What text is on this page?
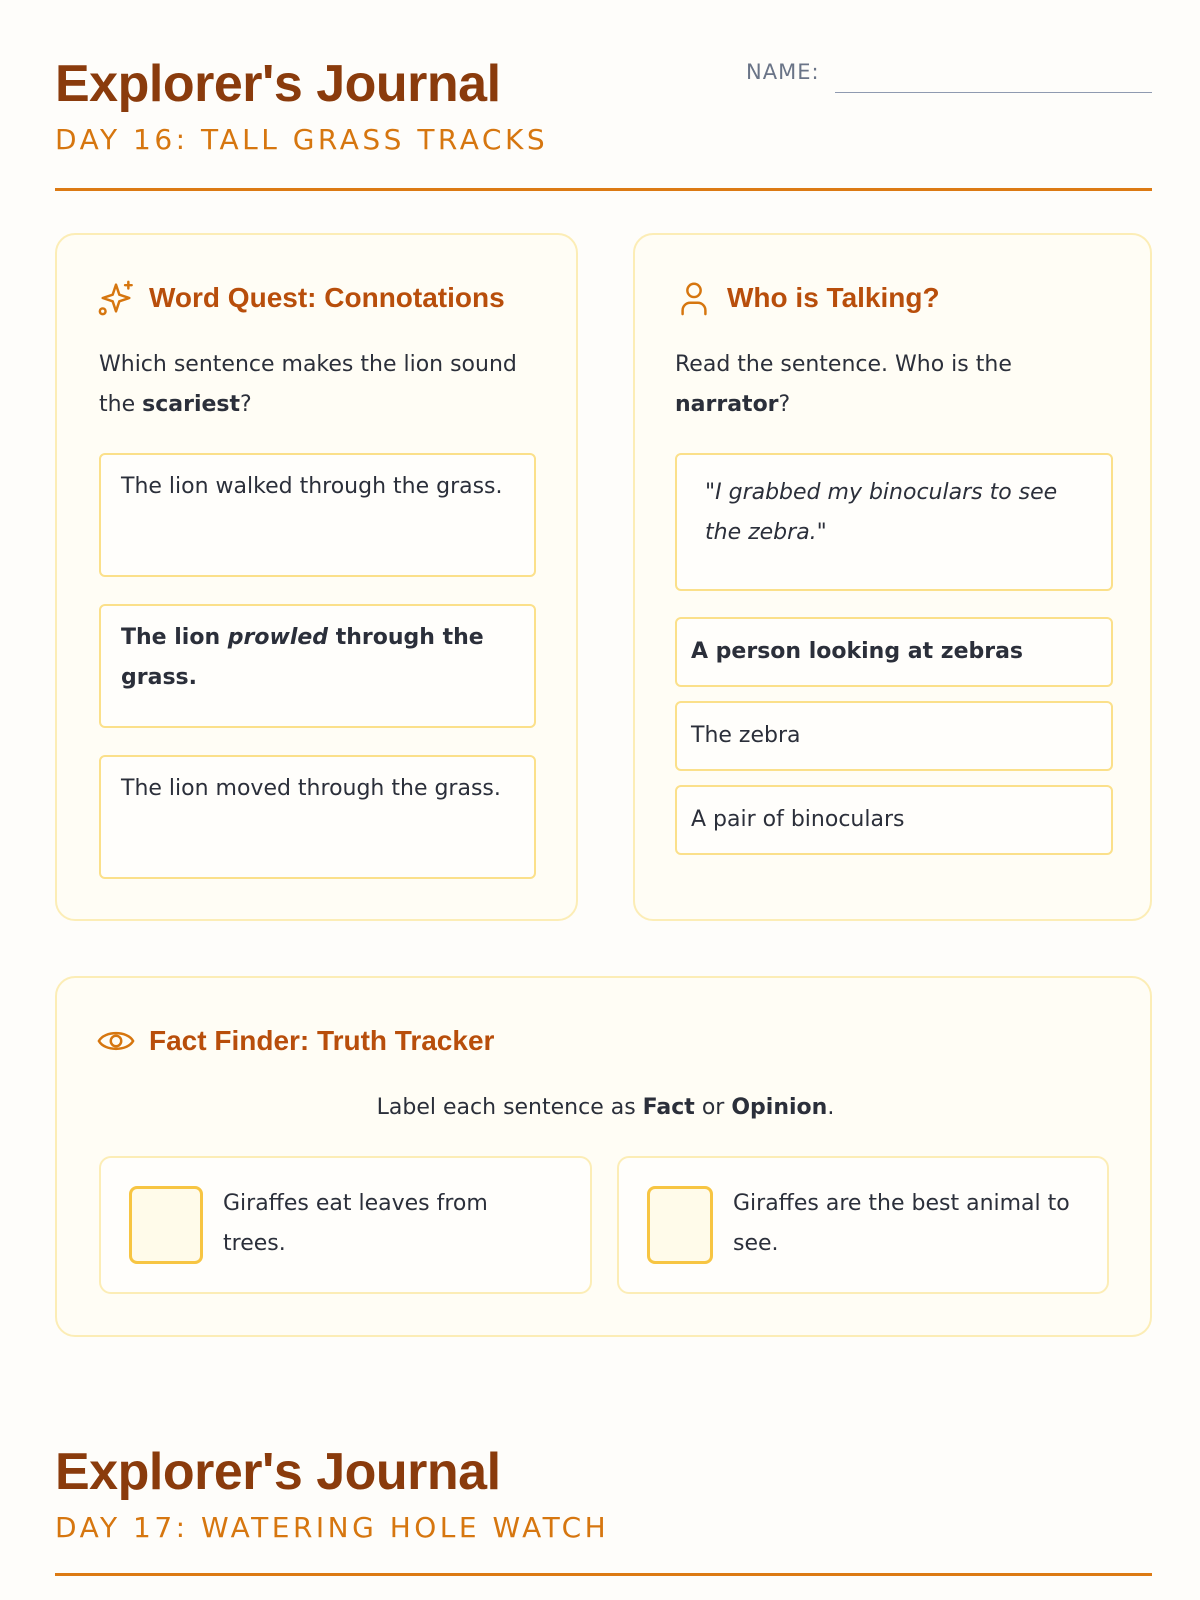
Explorer's Journal
DAY 16: TALL GRASS TRACKS
NAME:
Word Quest: Connotations
Which sentence makes the lion sound the scariest?
The lion walked through the grass.
The lion prowled through the grass.
The lion moved through the grass.
Who is Talking?
Read the sentence. Who is the narrator?
"I grabbed my binoculars to see the zebra."
A person looking at zebras
The zebra
A pair of binoculars
Fact Finder: Truth Tracker
Label each sentence as Fact or Opinion.
Giraffes eat leaves from trees.
Giraffes are the best animal to see.
Explorer's Journal
DAY 17: WATERING HOLE WATCH
